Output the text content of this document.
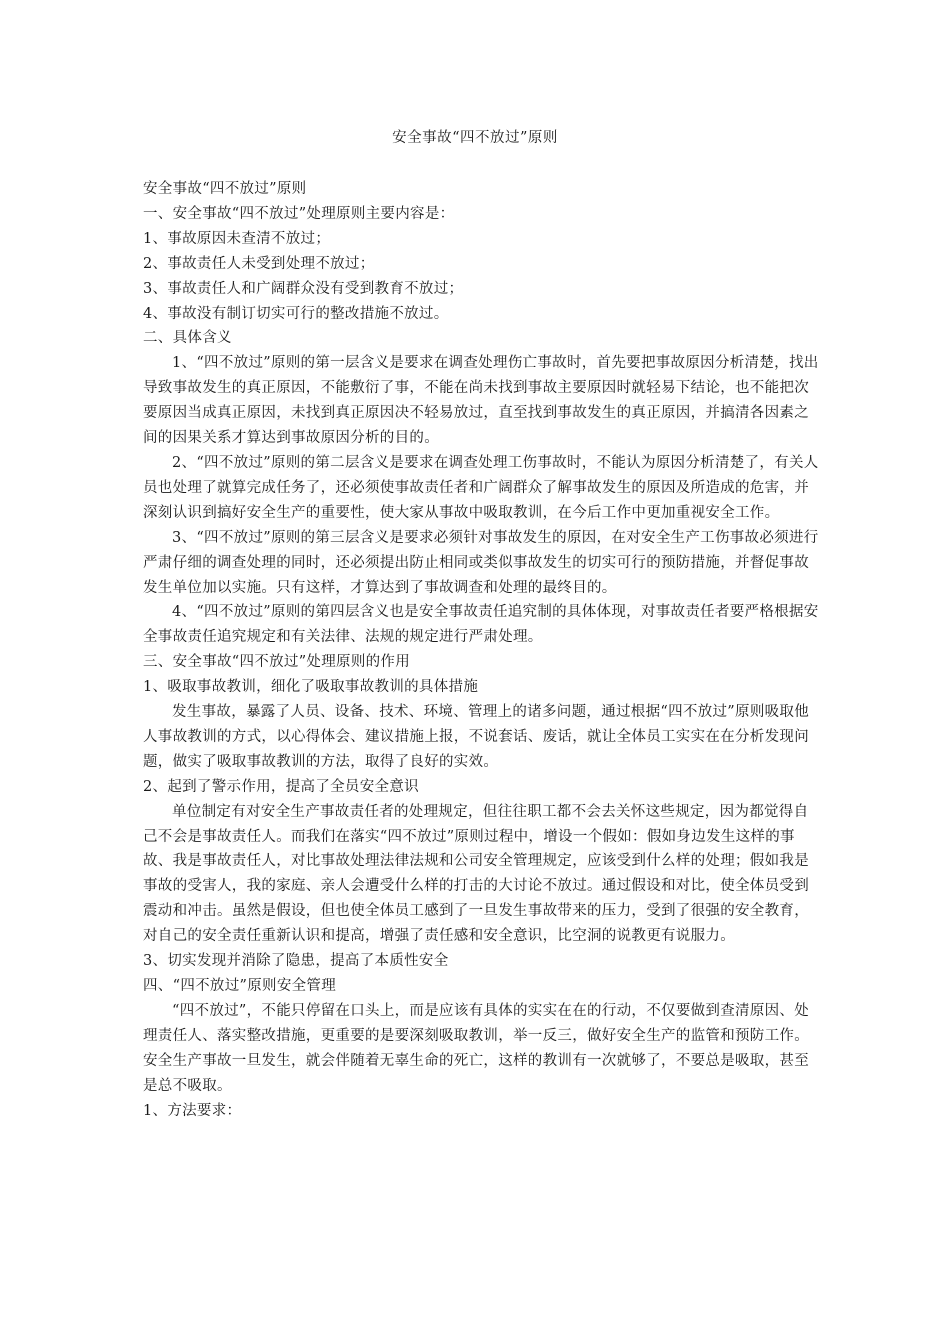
安全事故“四不放过”原则

安全事故“四不放过”原则

一、安全事故“四不放过”处理原则主要内容是：

1、事故原因未查清不放过；

2、事故责任人未受到处理不放过；

3、事故责任人和广阔群众没有受到教育不放过；

4、事故没有制订切实可行的整改措施不放过。

二、具体含义

1、“四不放过”原则的第一层含义是要求在调查处理伤亡事故时，首先要把事故原因分析清楚，找出导致事故发生的真正原因，不能敷衍了事，不能在尚未找到事故主要原因时就轻易下结论，也不能把次要原因当成真正原因，未找到真正原因决不轻易放过，直至找到事故发生的真正原因，并搞清各因素之间的因果关系才算达到事故原因分析的目的。

2、“四不放过”原则的第二层含义是要求在调查处理工伤事故时，不能认为原因分析清楚了，有关人员也处理了就算完成任务了，还必须使事故责任者和广阔群众了解事故发生的原因及所造成的危害，并深刻认识到搞好安全生产的重要性，使大家从事故中吸取教训，在今后工作中更加重视安全工作。

3、“四不放过”原则的第三层含义是要求必须针对事故发生的原因，在对安全生产工伤事故必须进行严肃仔细的调查处理的同时，还必须提出防止相同或类似事故发生的切实可行的预防措施，并督促事故发生单位加以实施。只有这样，才算达到了事故调查和处理的最终目的。

4、“四不放过”原则的第四层含义也是安全事故责任追究制的具体体现，对事故责任者要严格根据安全事故责任追究规定和有关法律、法规的规定进行严肃处理。

三、安全事故“四不放过”处理原则的作用

1、吸取事故教训，细化了吸取事故教训的具体措施

发生事故，暴露了人员、设备、技术、环境、管理上的诸多问题，通过根据“四不放过”原则吸取他人事故教训的方式，以心得体会、建议措施上报，不说套话、废话，就让全体员工实实在在分析发现问题，做实了吸取事故教训的方法，取得了良好的实效。

2、起到了警示作用，提高了全员安全意识

单位制定有对安全生产事故责任者的处理规定，但往往职工都不会去关怀这些规定，因为都觉得自己不会是事故责任人。而我们在落实“四不放过”原则过程中，增设一个假如：假如身边发生这样的事故、我是事故责任人，对比事故处理法律法规和公司安全管理规定，应该受到什么样的处理；假如我是事故的受害人，我的家庭、亲人会遭受什么样的打击的大讨论不放过。通过假设和对比，使全体员受到震动和冲击。虽然是假设，但也使全体员工感到了一旦发生事故带来的压力，受到了很强的安全教育，对自己的安全责任重新认识和提高，增强了责任感和安全意识，比空洞的说教更有说服力。

3、切实发现并消除了隐患，提高了本质性安全

四、“四不放过”原则安全管理

“四不放过”，不能只停留在口头上，而是应该有具体的实实在在的行动，不仅要做到查清原因、处理责任人、落实整改措施，更重要的是要深刻吸取教训，举一反三，做好安全生产的监管和预防工作。安全生产事故一旦发生，就会伴随着无辜生命的死亡，这样的教训有一次就够了，不要总是吸取，甚至是总不吸取。

1、方法要求：
